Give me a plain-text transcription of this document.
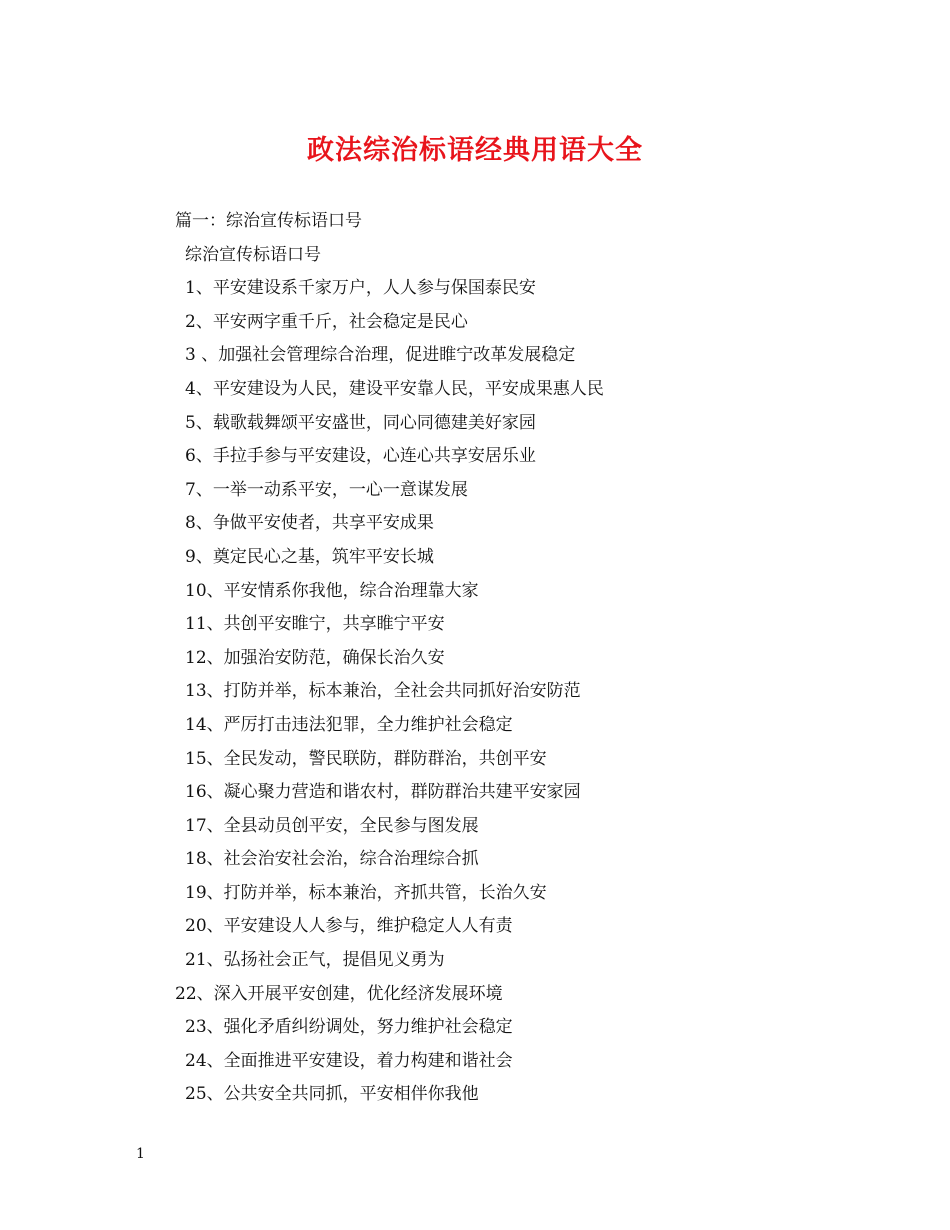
政法综治标语经典用语大全
篇一：综治宣传标语口号
综治宣传标语口号
1、平安建设系千家万户，人人参与保国泰民安
2、平安两字重千斤，社会稳定是民心
3 、加强社会管理综合治理，促进睢宁改革发展稳定
4、平安建设为人民，建设平安靠人民，平安成果惠人民
5、载歌载舞颂平安盛世，同心同德建美好家园
6、手拉手参与平安建设，心连心共享安居乐业
7、一举一动系平安，一心一意谋发展
8、争做平安使者，共享平安成果
9、奠定民心之基，筑牢平安长城
10、平安情系你我他，综合治理靠大家
11、共创平安睢宁，共享睢宁平安
12、加强治安防范，确保长治久安
13、打防并举，标本兼治，全社会共同抓好治安防范
14、严厉打击违法犯罪，全力维护社会稳定
15、全民发动，警民联防，群防群治，共创平安
16、凝心聚力营造和谐农村，群防群治共建平安家园
17、全县动员创平安，全民参与图发展
18、社会治安社会治，综合治理综合抓
19、打防并举，标本兼治，齐抓共管，长治久安
20、平安建设人人参与，维护稳定人人有责
21、弘扬社会正气，提倡见义勇为
22、深入开展平安创建，优化经济发展环境
23、强化矛盾纠纷调处，努力维护社会稳定
24、全面推进平安建设，着力构建和谐社会
25、公共安全共同抓，平安相伴你我他
1
